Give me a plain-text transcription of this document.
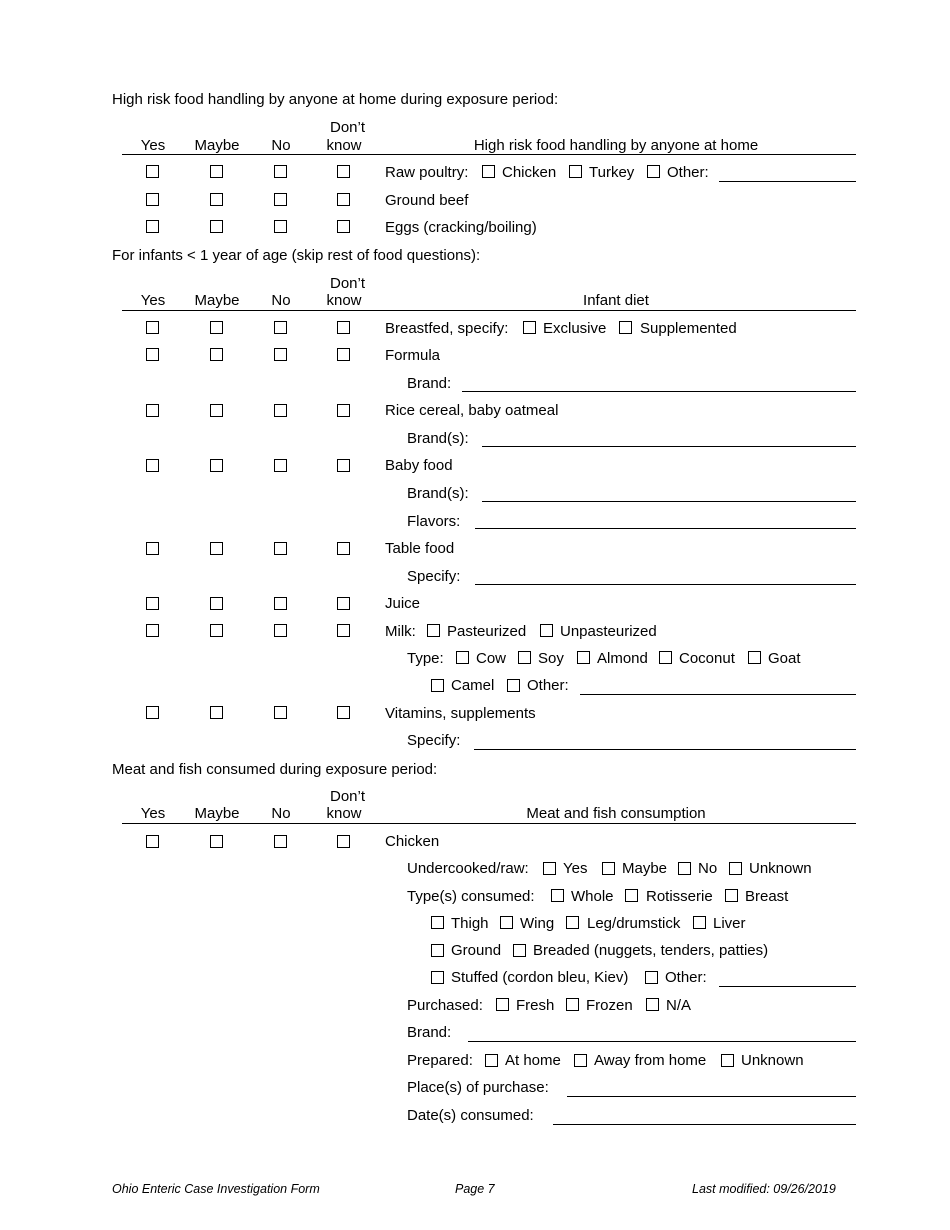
High risk food handling by anyone at home during exposure period:
Don’t
Yes	Maybe	No	know	High risk food handling by anyone at home
Raw poultry: Chicken Turkey Other:
Ground beef
Eggs (cracking/boiling)
For infants < 1 year of age (skip rest of food questions):
Don’t
Yes	Maybe	No	know	Infant diet
Breastfed, specify: Exclusive Supplemented
Formula
Brand:
Rice cereal, baby oatmeal
Brand(s):
Baby food
Brand(s):
Flavors:
Table food
Specify:
Juice
Milk: Pasteurized Unpasteurized
Type: Cow Soy Almond Coconut Goat
Camel Other:
Vitamins, supplements
Specify:
Meat and fish consumed during exposure period:
Don’t
Yes	Maybe	No	know	Meat and fish consumption
Chicken
Undercooked/raw: Yes Maybe No Unknown
Type(s) consumed: Whole Rotisserie Breast
Thigh Wing Leg/drumstick Liver
Ground Breaded (nuggets, tenders, patties)
Stuffed (cordon bleu, Kiev) Other:
Purchased: Fresh Frozen N/A
Brand:
Prepared: At home Away from home Unknown
Place(s) of purchase:
Date(s) consumed:
Ohio Enteric Case Investigation Form	Page 7	Last modified: 09/26/2019
